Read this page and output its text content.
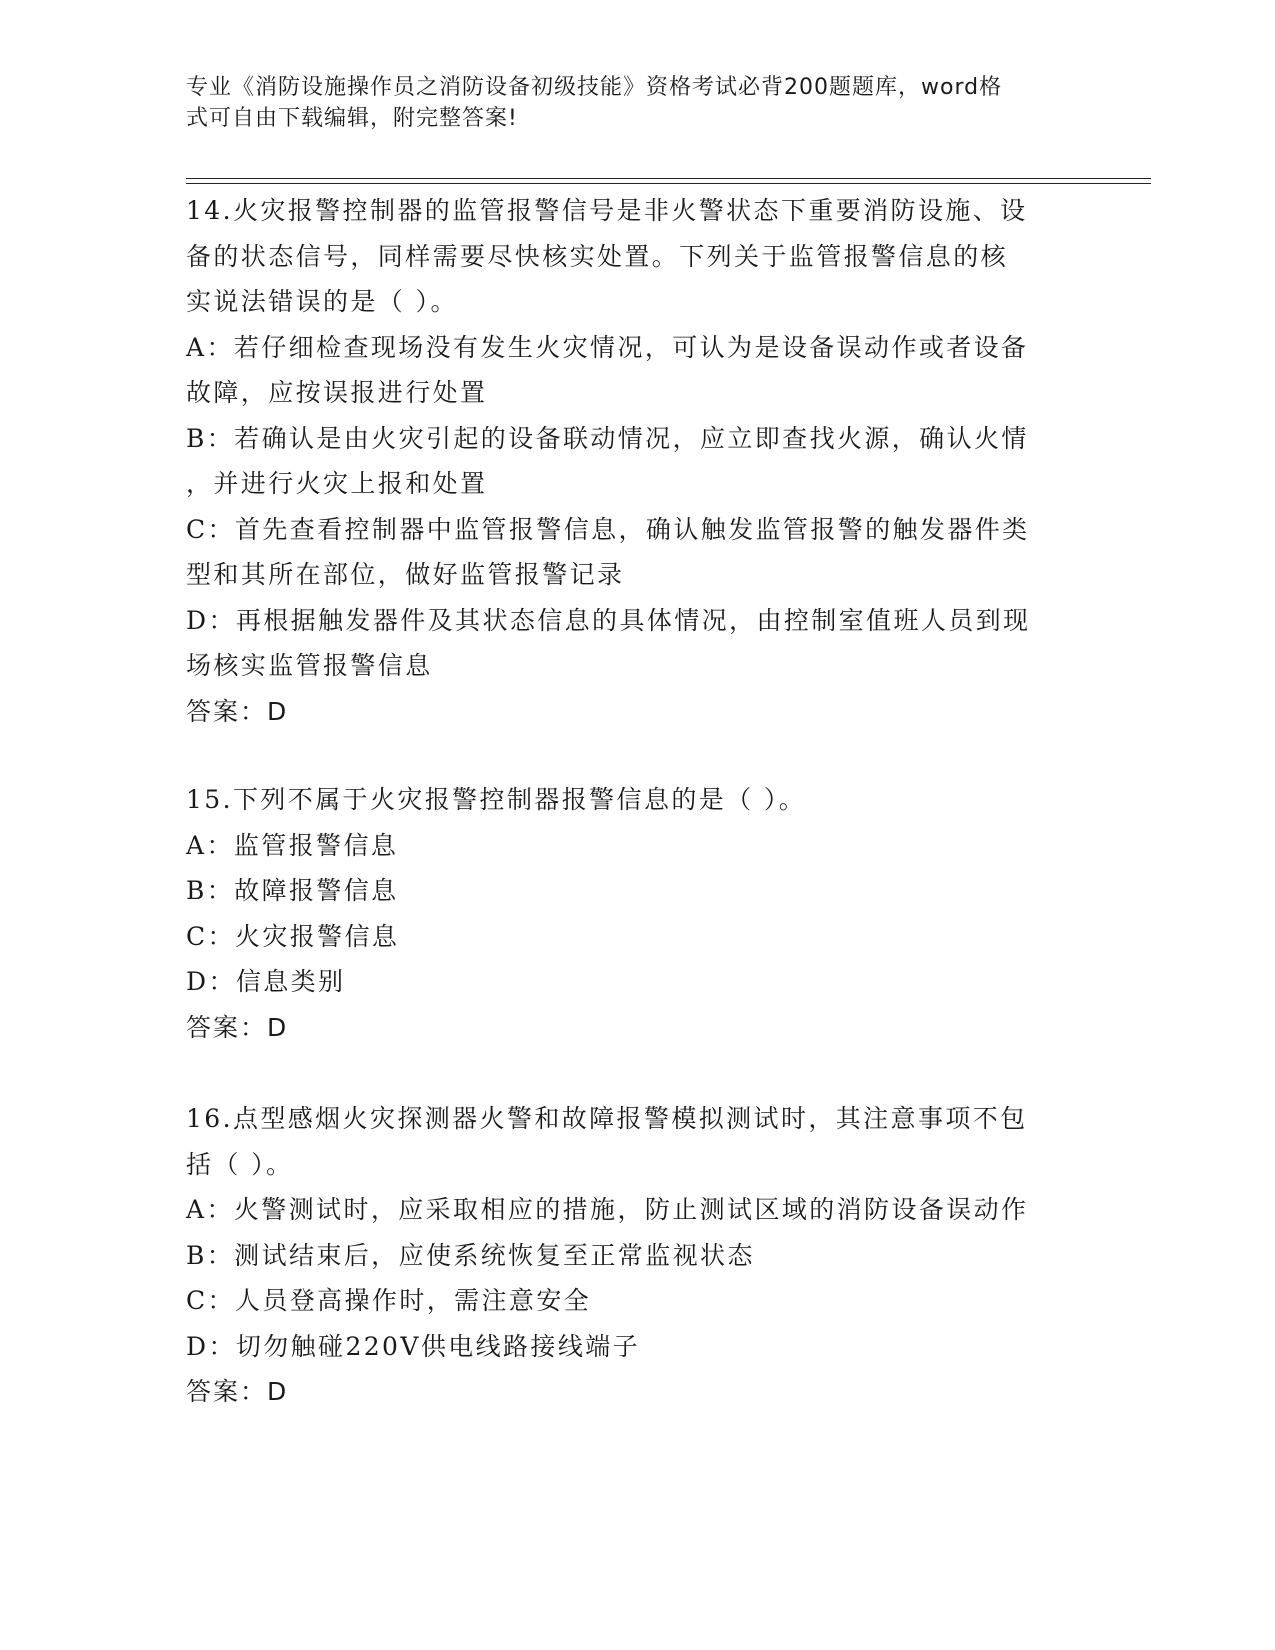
专业《消防设施操作员之消防设备初级技能》资格考试必背200题题库，word格
式可自由下载编辑，附完整答案!

14.火灾报警控制器的监管报警信号是非火警状态下重要消防设施、设

备的状态信号，同样需要尽快核实处置。下列关于监管报警信息的核

实说法错误的是（ ）。

A：若仔细检查现场没有发生火灾情况，可认为是设备误动作或者设备

故障，应按误报进行处置

B：若确认是由火灾引起的设备联动情况，应立即查找火源，确认火情

，并进行火灾上报和处置

C：首先查看控制器中监管报警信息，确认触发监管报警的触发器件类

型和其所在部位，做好监管报警记录

D：再根据触发器件及其状态信息的具体情况，由控制室值班人员到现

场核实监管报警信息

答案：D

15.下列不属于火灾报警控制器报警信息的是（ ）。

A：监管报警信息

B：故障报警信息

C：火灾报警信息

D：信息类别

答案：D

16.点型感烟火灾探测器火警和故障报警模拟测试时，其注意事项不包

括（ ）。

A：火警测试时，应采取相应的措施，防止测试区域的消防设备误动作

B：测试结束后，应使系统恢复至正常监视状态

C：人员登高操作时，需注意安全

D：切勿触碰220V供电线路接线端子

答案：D
